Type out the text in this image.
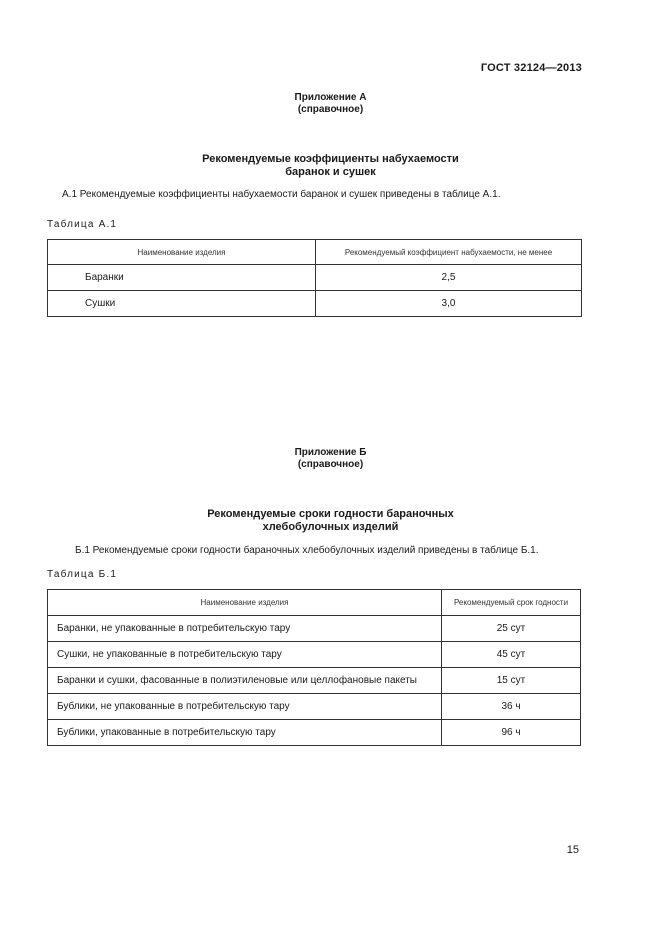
ГОСТ 32124—2013
Приложение А
(справочное)
Рекомендуемые коэффициенты набухаемости
баранок и сушек
А.1 Рекомендуемые коэффициенты набухаемости баранок и сушек приведены в таблице А.1.
Таблица А.1
Наименование изделия	Рекомендуемый коэффициент набухаемости, не менее
Баранки	2,5
Сушки	3,0
Приложение Б
(справочное)
Рекомендуемые сроки годности бараночных
хлебобулочных изделий
Б.1 Рекомендуемые сроки годности бараночных хлебобулочных изделий приведены в таблице Б.1.
Таблица Б.1
Наименование изделия	Рекомендуемый срок годности
Баранки, не упакованные в потребительскую тару	25 сут
Сушки, не упакованные в потребительскую тару	45 сут
Баранки и сушки, фасованные в полиэтиленовые или целлофановые пакеты	15 сут
Бублики, не упакованные в потребительскую тару	36 ч
Бублики, упакованные в потребительскую тару	96 ч
15
